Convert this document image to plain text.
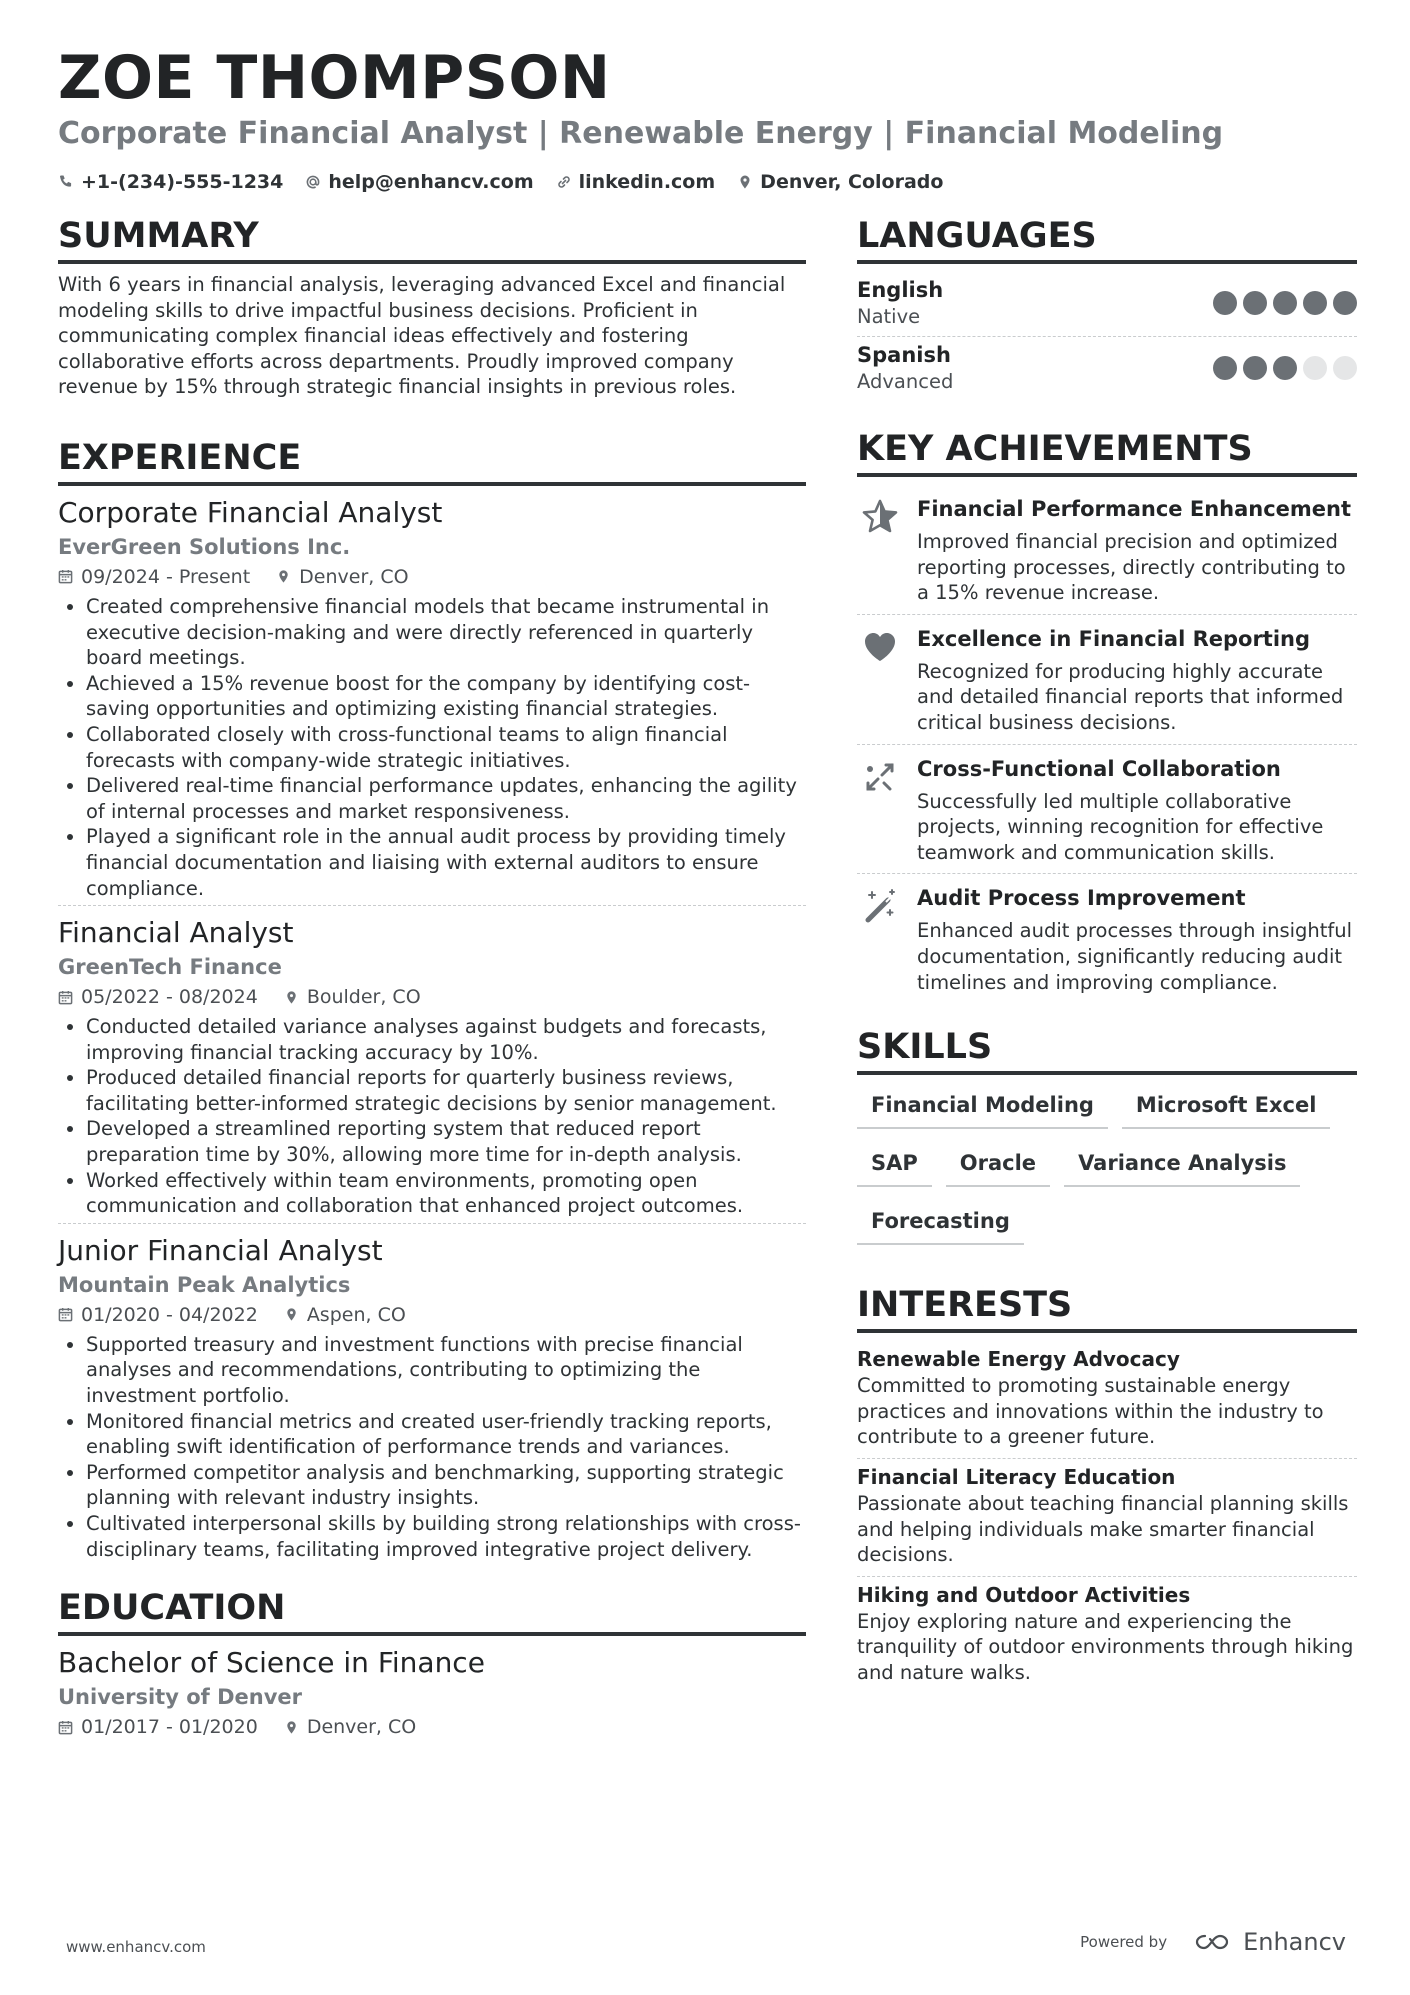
ZOE THOMPSON
Corporate Financial Analyst | Renewable Energy | Financial Modeling
+1-(234)-555-1234 help@enhancv.com linkedin.com Denver, Colorado
SUMMARY
With 6 years in financial analysis, leveraging advanced Excel and financial modeling skills to drive impactful business decisions. Proficient in communicating complex financial ideas effectively and fostering collaborative efforts across departments. Proudly improved company revenue by 15% through strategic financial insights in previous roles.
EXPERIENCE
Corporate Financial Analyst
EverGreen Solutions Inc.
09/2024 - Present	Denver, CO
• Created comprehensive financial models that became instrumental in executive decision-making and were directly referenced in quarterly board meetings.
• Achieved a 15% revenue boost for the company by identifying cost-saving opportunities and optimizing existing financial strategies.
• Collaborated closely with cross-functional teams to align financial forecasts with company-wide strategic initiatives.
• Delivered real-time financial performance updates, enhancing the agility of internal processes and market responsiveness.
• Played a significant role in the annual audit process by providing timely financial documentation and liaising with external auditors to ensure compliance.
Financial Analyst
GreenTech Finance
05/2022 - 08/2024	Boulder, CO
• Conducted detailed variance analyses against budgets and forecasts, improving financial tracking accuracy by 10%.
• Produced detailed financial reports for quarterly business reviews, facilitating better-informed strategic decisions by senior management.
• Developed a streamlined reporting system that reduced report preparation time by 30%, allowing more time for in-depth analysis.
• Worked effectively within team environments, promoting open communication and collaboration that enhanced project outcomes.
Junior Financial Analyst
Mountain Peak Analytics
01/2020 - 04/2022	Aspen, CO
• Supported treasury and investment functions with precise financial analyses and recommendations, contributing to optimizing the investment portfolio.
• Monitored financial metrics and created user-friendly tracking reports, enabling swift identification of performance trends and variances.
• Performed competitor analysis and benchmarking, supporting strategic planning with relevant industry insights.
• Cultivated interpersonal skills by building strong relationships with cross-disciplinary teams, facilitating improved integrative project delivery.
EDUCATION
Bachelor of Science in Finance
University of Denver
01/2017 - 01/2020	Denver, CO
LANGUAGES
English
Native
Spanish
Advanced
KEY ACHIEVEMENTS
Financial Performance Enhancement
Improved financial precision and optimized reporting processes, directly contributing to a 15% revenue increase.
Excellence in Financial Reporting
Recognized for producing highly accurate and detailed financial reports that informed critical business decisions.
Cross-Functional Collaboration
Successfully led multiple collaborative projects, winning recognition for effective teamwork and communication skills.
Audit Process Improvement
Enhanced audit processes through insightful documentation, significantly reducing audit timelines and improving compliance.
SKILLS
Financial Modeling	Microsoft Excel
SAP	Oracle	Variance Analysis
Forecasting
INTERESTS
Renewable Energy Advocacy
Committed to promoting sustainable energy practices and innovations within the industry to contribute to a greener future.
Financial Literacy Education
Passionate about teaching financial planning skills and helping individuals make smarter financial decisions.
Hiking and Outdoor Activities
Enjoy exploring nature and experiencing the tranquility of outdoor environments through hiking and nature walks.
www.enhancv.com	Powered by	Enhancv
